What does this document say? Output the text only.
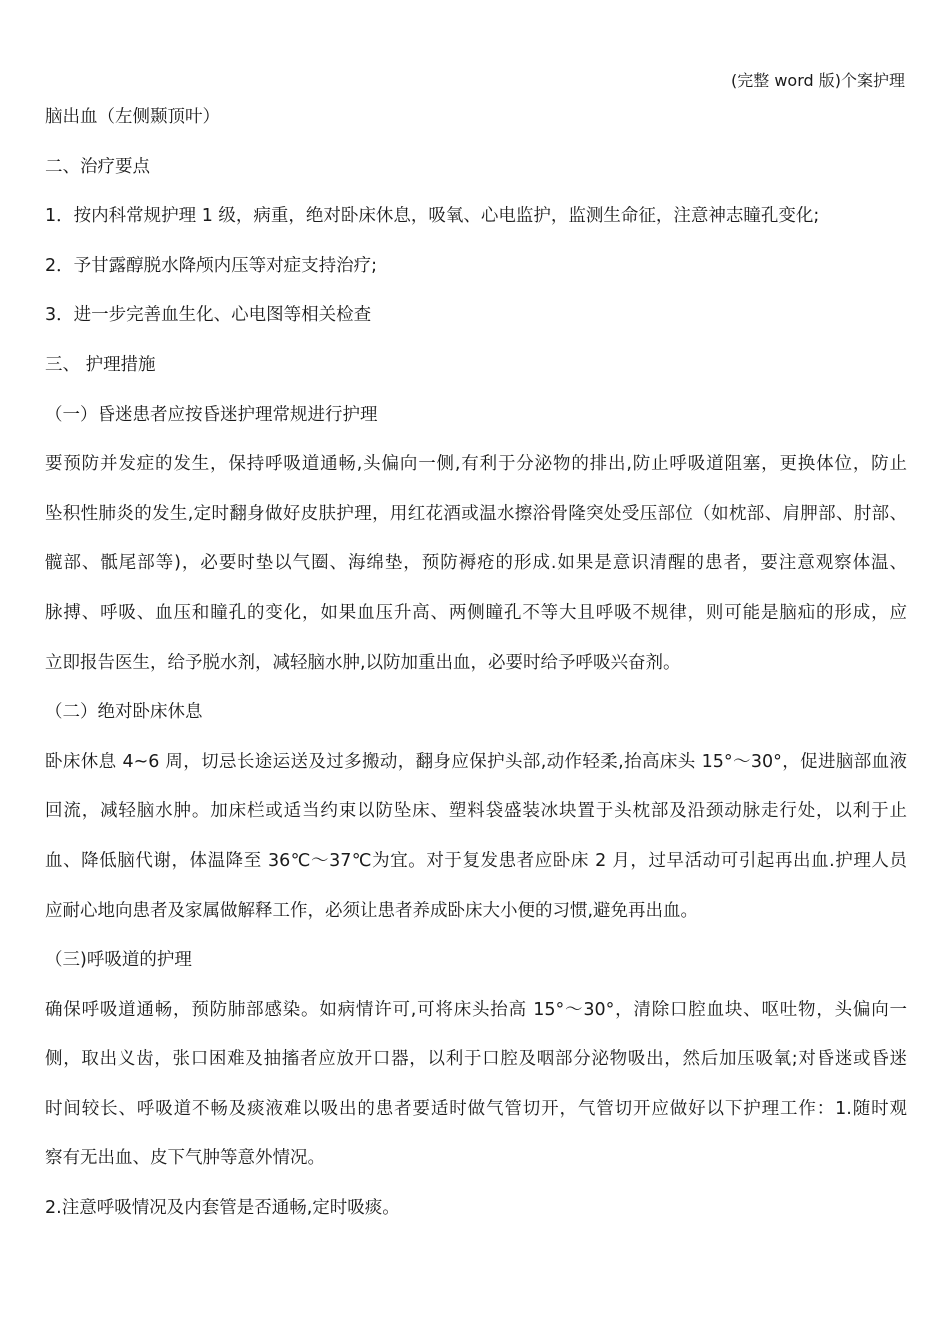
(完整 word 版)个案护理
脑出血（左侧颞顶叶）
二、治疗要点
1．按内科常规护理 1 级，病重，绝对卧床休息，吸氧、心电监护，监测生命征，注意神志瞳孔变化;
2．予甘露醇脱水降颅内压等对症支持治疗;
3．进一步完善血生化、心电图等相关检查
三、 护理措施
（一）昏迷患者应按昏迷护理常规进行护理
要预防并发症的发生，保持呼吸道通畅,头偏向一侧,有利于分泌物的排出,防止呼吸道阻塞，更换体位，防止
坠积性肺炎的发生,定时翻身做好皮肤护理，用红花酒或温水擦浴骨隆突处受压部位（如枕部、肩胛部、肘部、
髋部、骶尾部等)，必要时垫以气圈、海绵垫，预防褥疮的形成.如果是意识清醒的患者，要注意观察体温、
脉搏、呼吸、血压和瞳孔的变化，如果血压升高、两侧瞳孔不等大且呼吸不规律，则可能是脑疝的形成，应
立即报告医生，给予脱水剂，减轻脑水肿,以防加重出血，必要时给予呼吸兴奋剂。
（二）绝对卧床休息
卧床休息 4~6 周，切忌长途运送及过多搬动，翻身应保护头部,动作轻柔,抬高床头 15°～30°，促进脑部血液
回流，减轻脑水肿。加床栏或适当约束以防坠床、塑料袋盛装冰块置于头枕部及沿颈动脉走行处，以利于止
血、降低脑代谢，体温降至 36℃～37℃为宜。对于复发患者应卧床 2 月，过早活动可引起再出血.护理人员
应耐心地向患者及家属做解释工作，必须让患者养成卧床大小便的习惯,避免再出血。
（三)呼吸道的护理
确保呼吸道通畅，预防肺部感染。如病情许可,可将床头抬高 15°～30°，清除口腔血块、呕吐物，头偏向一
侧，取出义齿，张口困难及抽搐者应放开口器，以利于口腔及咽部分泌物吸出，然后加压吸氧;对昏迷或昏迷
时间较长、呼吸道不畅及痰液难以吸出的患者要适时做气管切开，气管切开应做好以下护理工作：1.随时观
察有无出血、皮下气肿等意外情况。
2.注意呼吸情况及内套管是否通畅,定时吸痰。
